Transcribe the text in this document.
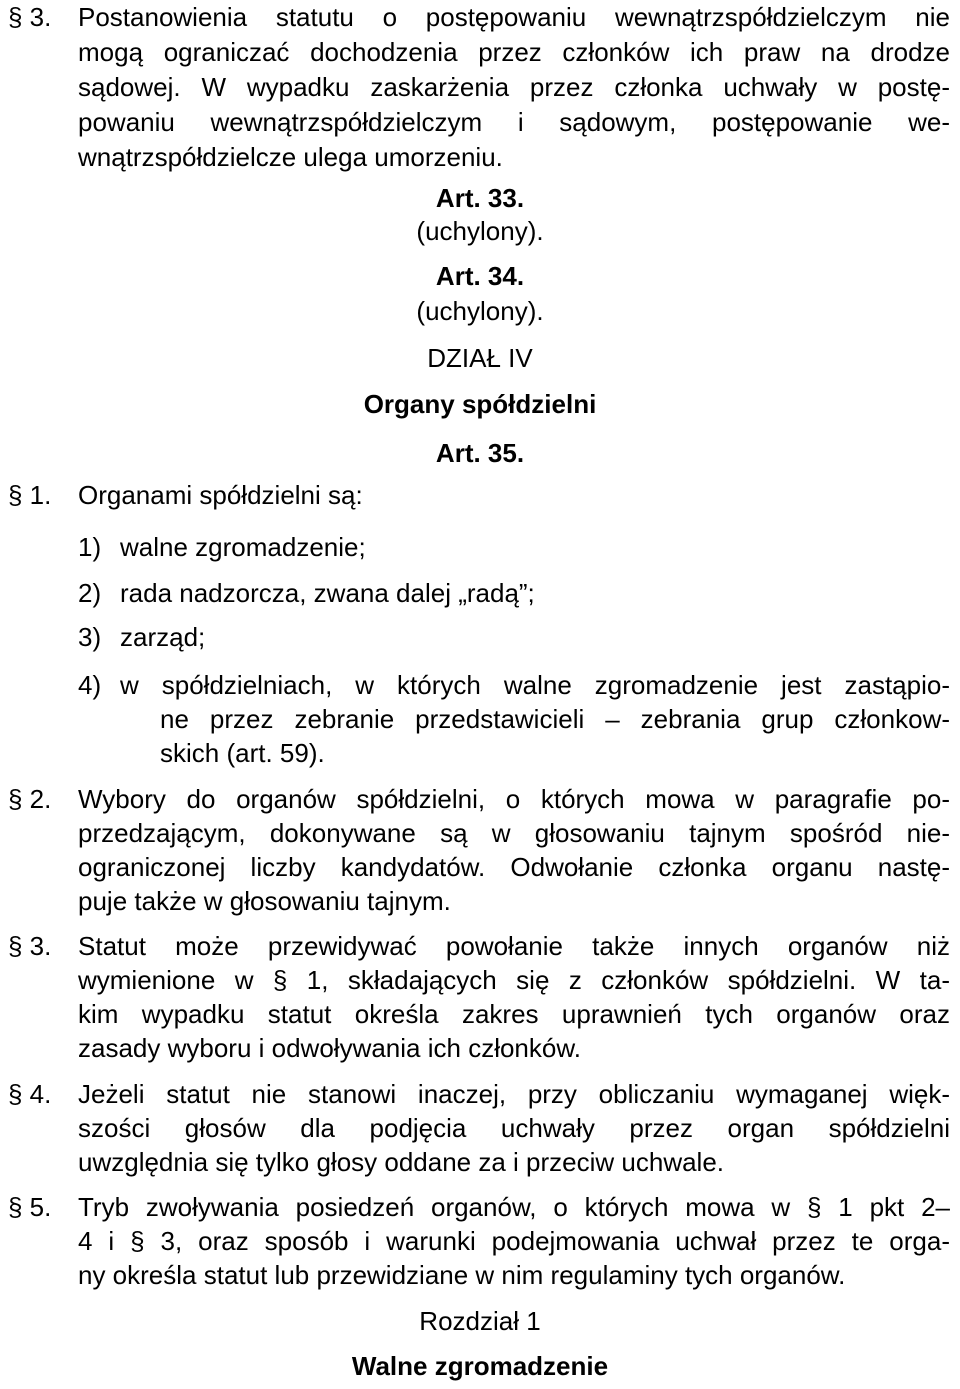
§ 3. Postanowienia statutu o postępowaniu wewnątrzspółdzielczym nie
mogą ograniczać dochodzenia przez członków ich praw na drodze
sądowej. W wypadku zaskarżenia przez członka uchwały w postę-
powaniu wewnątrzspółdzielczym i sądowym, postępowanie we-
wnątrzspółdzielcze ulega umorzeniu.
Art. 33.
(uchylony).
Art. 34.
(uchylony).
DZIAŁ IV
Organy spółdzielni
Art. 35.
§ 1. Organami spółdzielni są:
1) walne zgromadzenie;
2) rada nadzorcza, zwana dalej „radą”;
3) zarząd;
4) w spółdzielniach, w których walne zgromadzenie jest zastąpio-
ne przez zebranie przedstawicieli – zebrania grup członkow-
skich (art. 59).
§ 2. Wybory do organów spółdzielni, o których mowa w paragrafie po-
przedzającym, dokonywane są w głosowaniu tajnym spośród nie-
ograniczonej liczby kandydatów. Odwołanie członka organu nastę-
puje także w głosowaniu tajnym.
§ 3. Statut może przewidywać powołanie także innych organów niż
wymienione w § 1, składających się z członków spółdzielni. W ta-
kim wypadku statut określa zakres uprawnień tych organów oraz
zasady wyboru i odwoływania ich członków.
§ 4. Jeżeli statut nie stanowi inaczej, przy obliczaniu wymaganej więk-
szości głosów dla podjęcia uchwały przez organ spółdzielni
uwzględnia się tylko głosy oddane za i przeciw uchwale.
§ 5. Tryb zwoływania posiedzeń organów, o których mowa w § 1 pkt 2–
4 i § 3, oraz sposób i warunki podejmowania uchwał przez te orga-
ny określa statut lub przewidziane w nim regulaminy tych organów.
Rozdział 1
Walne zgromadzenie
